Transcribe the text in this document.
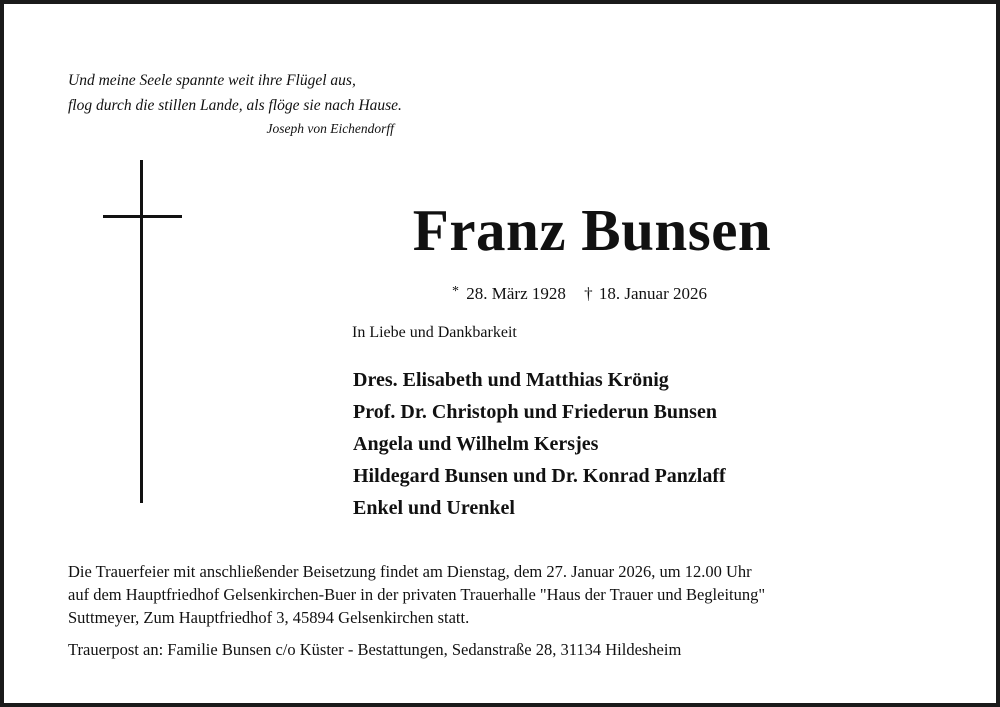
Und meine Seele spannte weit ihre Flügel aus,
flog durch die stillen Lande, als flöge sie nach Hause.
Joseph von Eichendorff
Franz Bunsen
* 28. März 1928 † 18. Januar 2026
In Liebe und Dankbarkeit
Dres. Elisabeth und Matthias Krönig
Prof. Dr. Christoph und Friederun Bunsen
Angela und Wilhelm Kersjes
Hildegard Bunsen und Dr. Konrad Panzlaff
Enkel und Urenkel
Die Trauerfeier mit anschließender Beisetzung findet am Dienstag, dem 27. Januar 2026, um 12.00 Uhr
auf dem Hauptfriedhof Gelsenkirchen-Buer in der privaten Trauerhalle "Haus der Trauer und Begleitung"
Suttmeyer, Zum Hauptfriedhof 3, 45894 Gelsenkirchen statt.
Trauerpost an: Familie Bunsen c/o Küster - Bestattungen, Sedanstraße 28, 31134 Hildesheim
